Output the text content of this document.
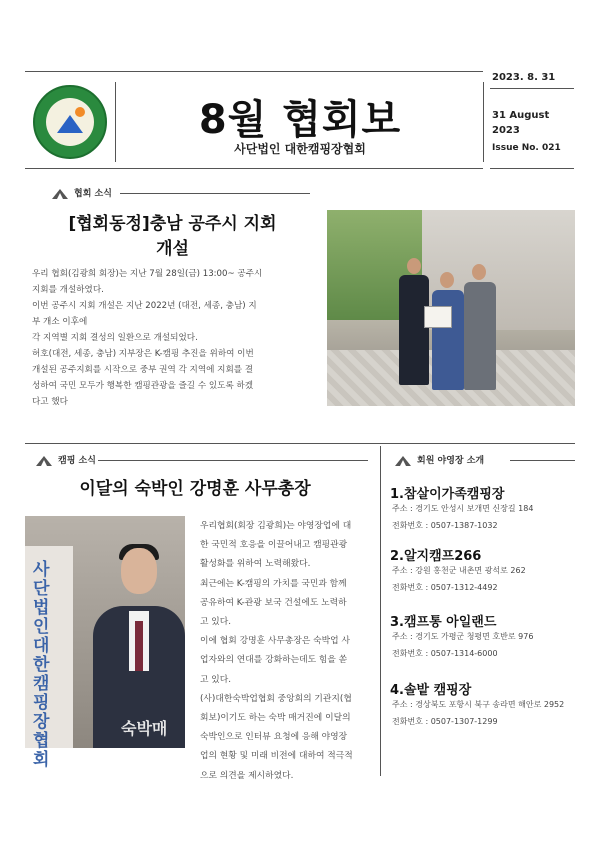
8월 협회보
사단법인 대한캠핑장협회
2023. 8. 31
31 August
2023
Issue No. 021
협회 소식
[협회동정]충남 공주시 지회
개설

우리 협회(김광희 회장)는 지난 7월 28일(금) 13:00~ 공주시

지회를 개설하였다.

이번 공주시 지회 개설은 지난 2022년 (대전, 세종, 충남) 지

부 개소 이후에

각 지역별 지회 결성의 일환으로 개설되었다.

허호(대전, 세종, 충남) 지부장은 K-캠핑 추진을 위하여 이번

개설된 공주지회를 시작으로 중부 권역 각 지역에 지회를 결

성하여 국민 모두가 행복한 캠핑관광을 즐길 수 있도록 하겠

다고 했다

캠핑 소식
이달의 숙박인 강명훈 사무총장
사단법인 대한캠핑장협회
숙박매

우리협회(회장 김광희)는 야영장업에 대

한 국민적 호응을 이끌어내고 캠핑관광

활성화를 위하여 노력해왔다.

최근에는 K-캠핑의 가치를 국민과 함께

공유하여 K-관광 보국 건설에도 노력하

고 있다.

이에 협회 강명훈 사무총장은 숙박업 사

업자와의 연대를 강화하는데도 힘을 쏟

고 있다.

(사)대한숙박업협회 중앙회의 기관지(협

회보)이기도 하는 숙박 매거진에 이달의

숙박인으로 인터뷰 요청에 응해 야영장

업의 현황 및 미래 비전에 대하여 적극적

으로 의견을 제시하였다.

회원 야영장 소개
1.참살이가족캠핑장
주소 : 경기도 안성시 보개면 신장길 184
전화번호 : 0507-1387-1032
2.알지캠프266
주소 : 강원 홍천군 내촌면 광석로 262
전화번호 : 0507-1312-4492
3.캠프통 아일랜드
주소 : 경기도 가평군 청평면 호반로 976
전화번호 : 0507-1314-6000
4.솔밭 캠핑장
주소 : 경상북도 포항시 북구 송라면 해안로 2952
전화번호 : 0507-1307-1299
